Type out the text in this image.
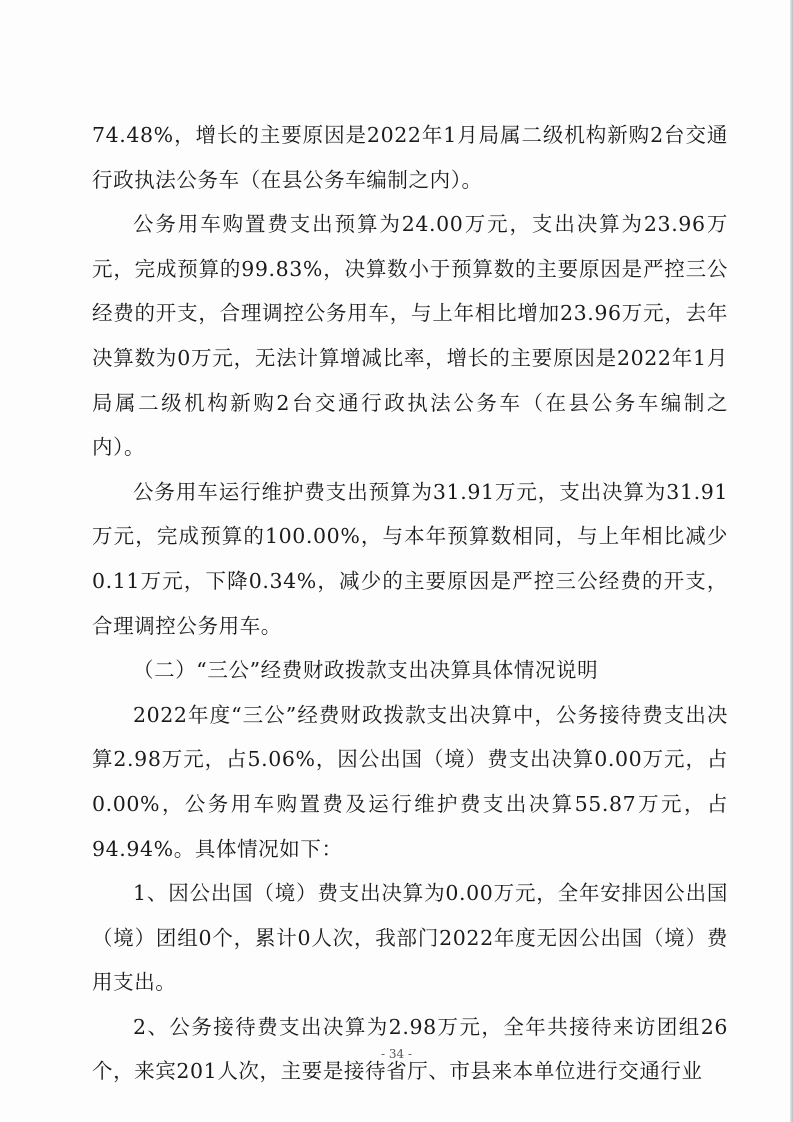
74.48%，增长的主要原因是2022年1月局属二级机构新购2台交通行政执法公务车（在县公务车编制之内）。

公务用车购置费支出预算为24.00万元，支出决算为23.96万元，完成预算的99.83%，决算数小于预算数的主要原因是严控三公经费的开支，合理调控公务用车，与上年相比增加23.96万元，去年决算数为0万元，无法计算增减比率，增长的主要原因是2022年1月局属二级机构新购2台交通行政执法公务车（在县公务车编制之内）。

公务用车运行维护费支出预算为31.91万元，支出决算为31.91万元，完成预算的100.00%，与本年预算数相同，与上年相比减少0.11万元，下降0.34%，减少的主要原因是严控三公经费的开支，合理调控公务用车。

（二）“三公”经费财政拨款支出决算具体情况说明

2022年度“三公”经费财政拨款支出决算中，公务接待费支出决算2.98万元，占5.06%，因公出国（境）费支出决算0.00万元，占0.00%，公务用车购置费及运行维护费支出决算55.87万元，占94.94%。具体情况如下：

1、因公出国（境）费支出决算为0.00万元，全年安排因公出国（境）团组0个，累计0人次，我部门2022年度无因公出国（境）费用支出。

2、公务接待费支出决算为2.98万元，全年共接待来访团组26个，来宾201人次，主要是接待省厅、市县来本单位进行交通行业

- 34 -
